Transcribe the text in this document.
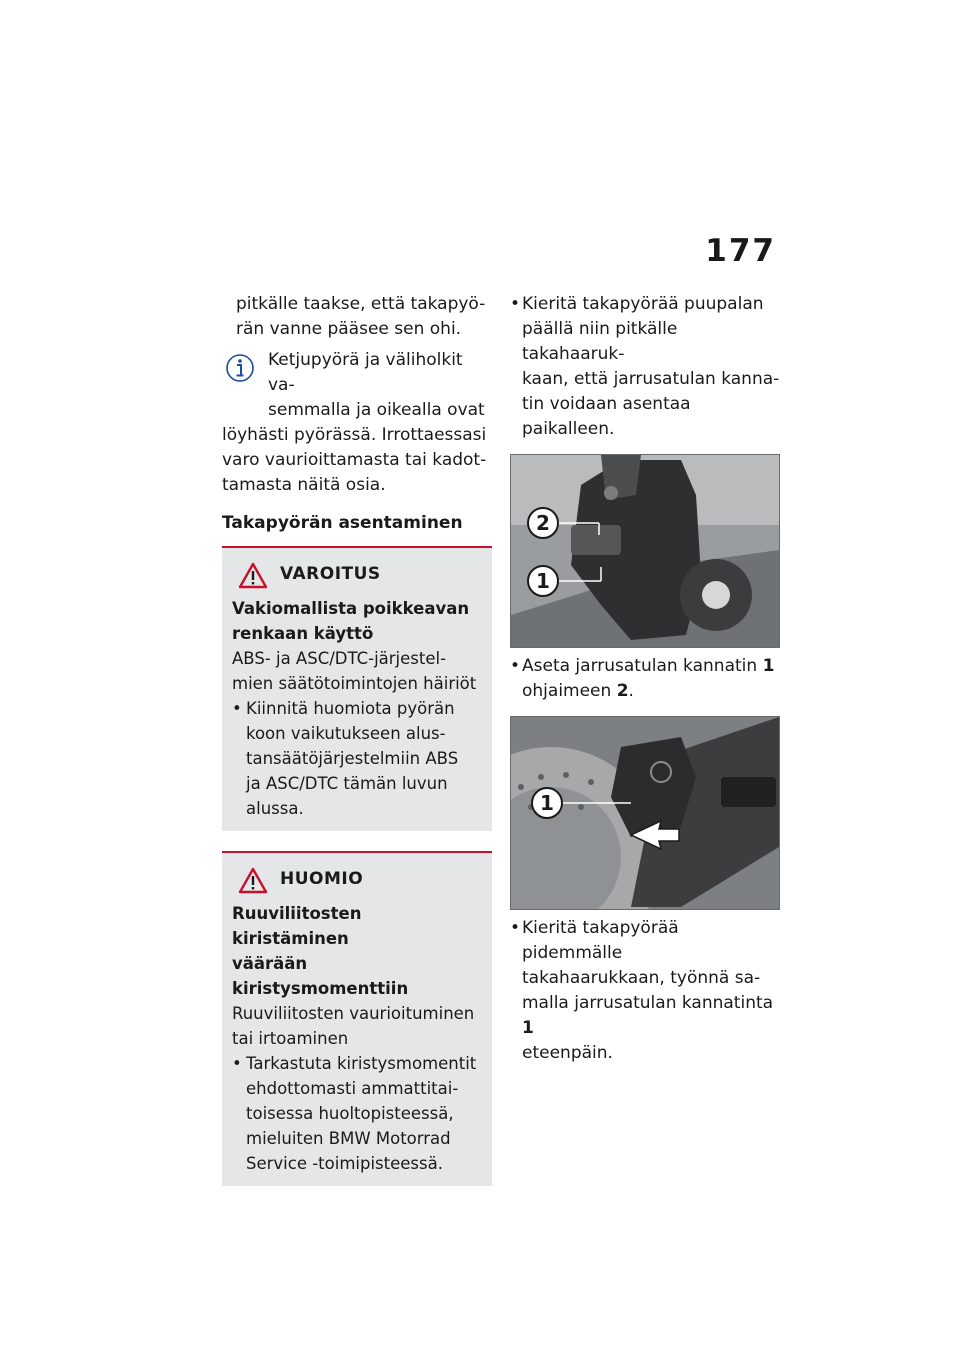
177

pitkälle taakse, että takapyö-

rän vanne pääsee sen ohi.

Ketjupyörä ja väliholkit va-

semmalla ja oikealla ovat

löyhästi pyörässä. Irrottaessasi

varo vaurioittamasta tai kadot-

tamasta näitä osia.

Takapyörän asentaminen
VAROITUS
Vakiomallista poikkeavan
renkaan käyttö
ABS- ja ASC/DTC-järjestel-
mien säätötoimintojen häiriöt
• Kiinnitä huomiota pyörän
koon vaikutukseen alus-
tansäätöjärjestelmiin ABS
ja ASC/DTC tämän luvun
alussa.
HUOMIO
Ruuviliitosten kiristäminen
väärään kiristysmomenttiin
Ruuviliitosten vaurioituminen
tai irtoaminen
• Tarkastuta kiristysmomentit
ehdottomasti ammattitai-
toisessa huoltopisteessä,
mieluiten BMW Motorrad
Service -toimipisteessä.
• Kieritä takapyörää puupalan
päällä niin pitkälle takahaaruk-
kaan, että jarrusatulan kanna-
tin voidaan asentaa paikalleen.
2
1
• Aseta jarrusatulan kannatin 1
ohjaimeen 2.
1
• Kieritä takapyörää pidemmälle
takahaarukkaan, työnnä sa-
malla jarrusatulan kannatinta 1
eteenpäin.
